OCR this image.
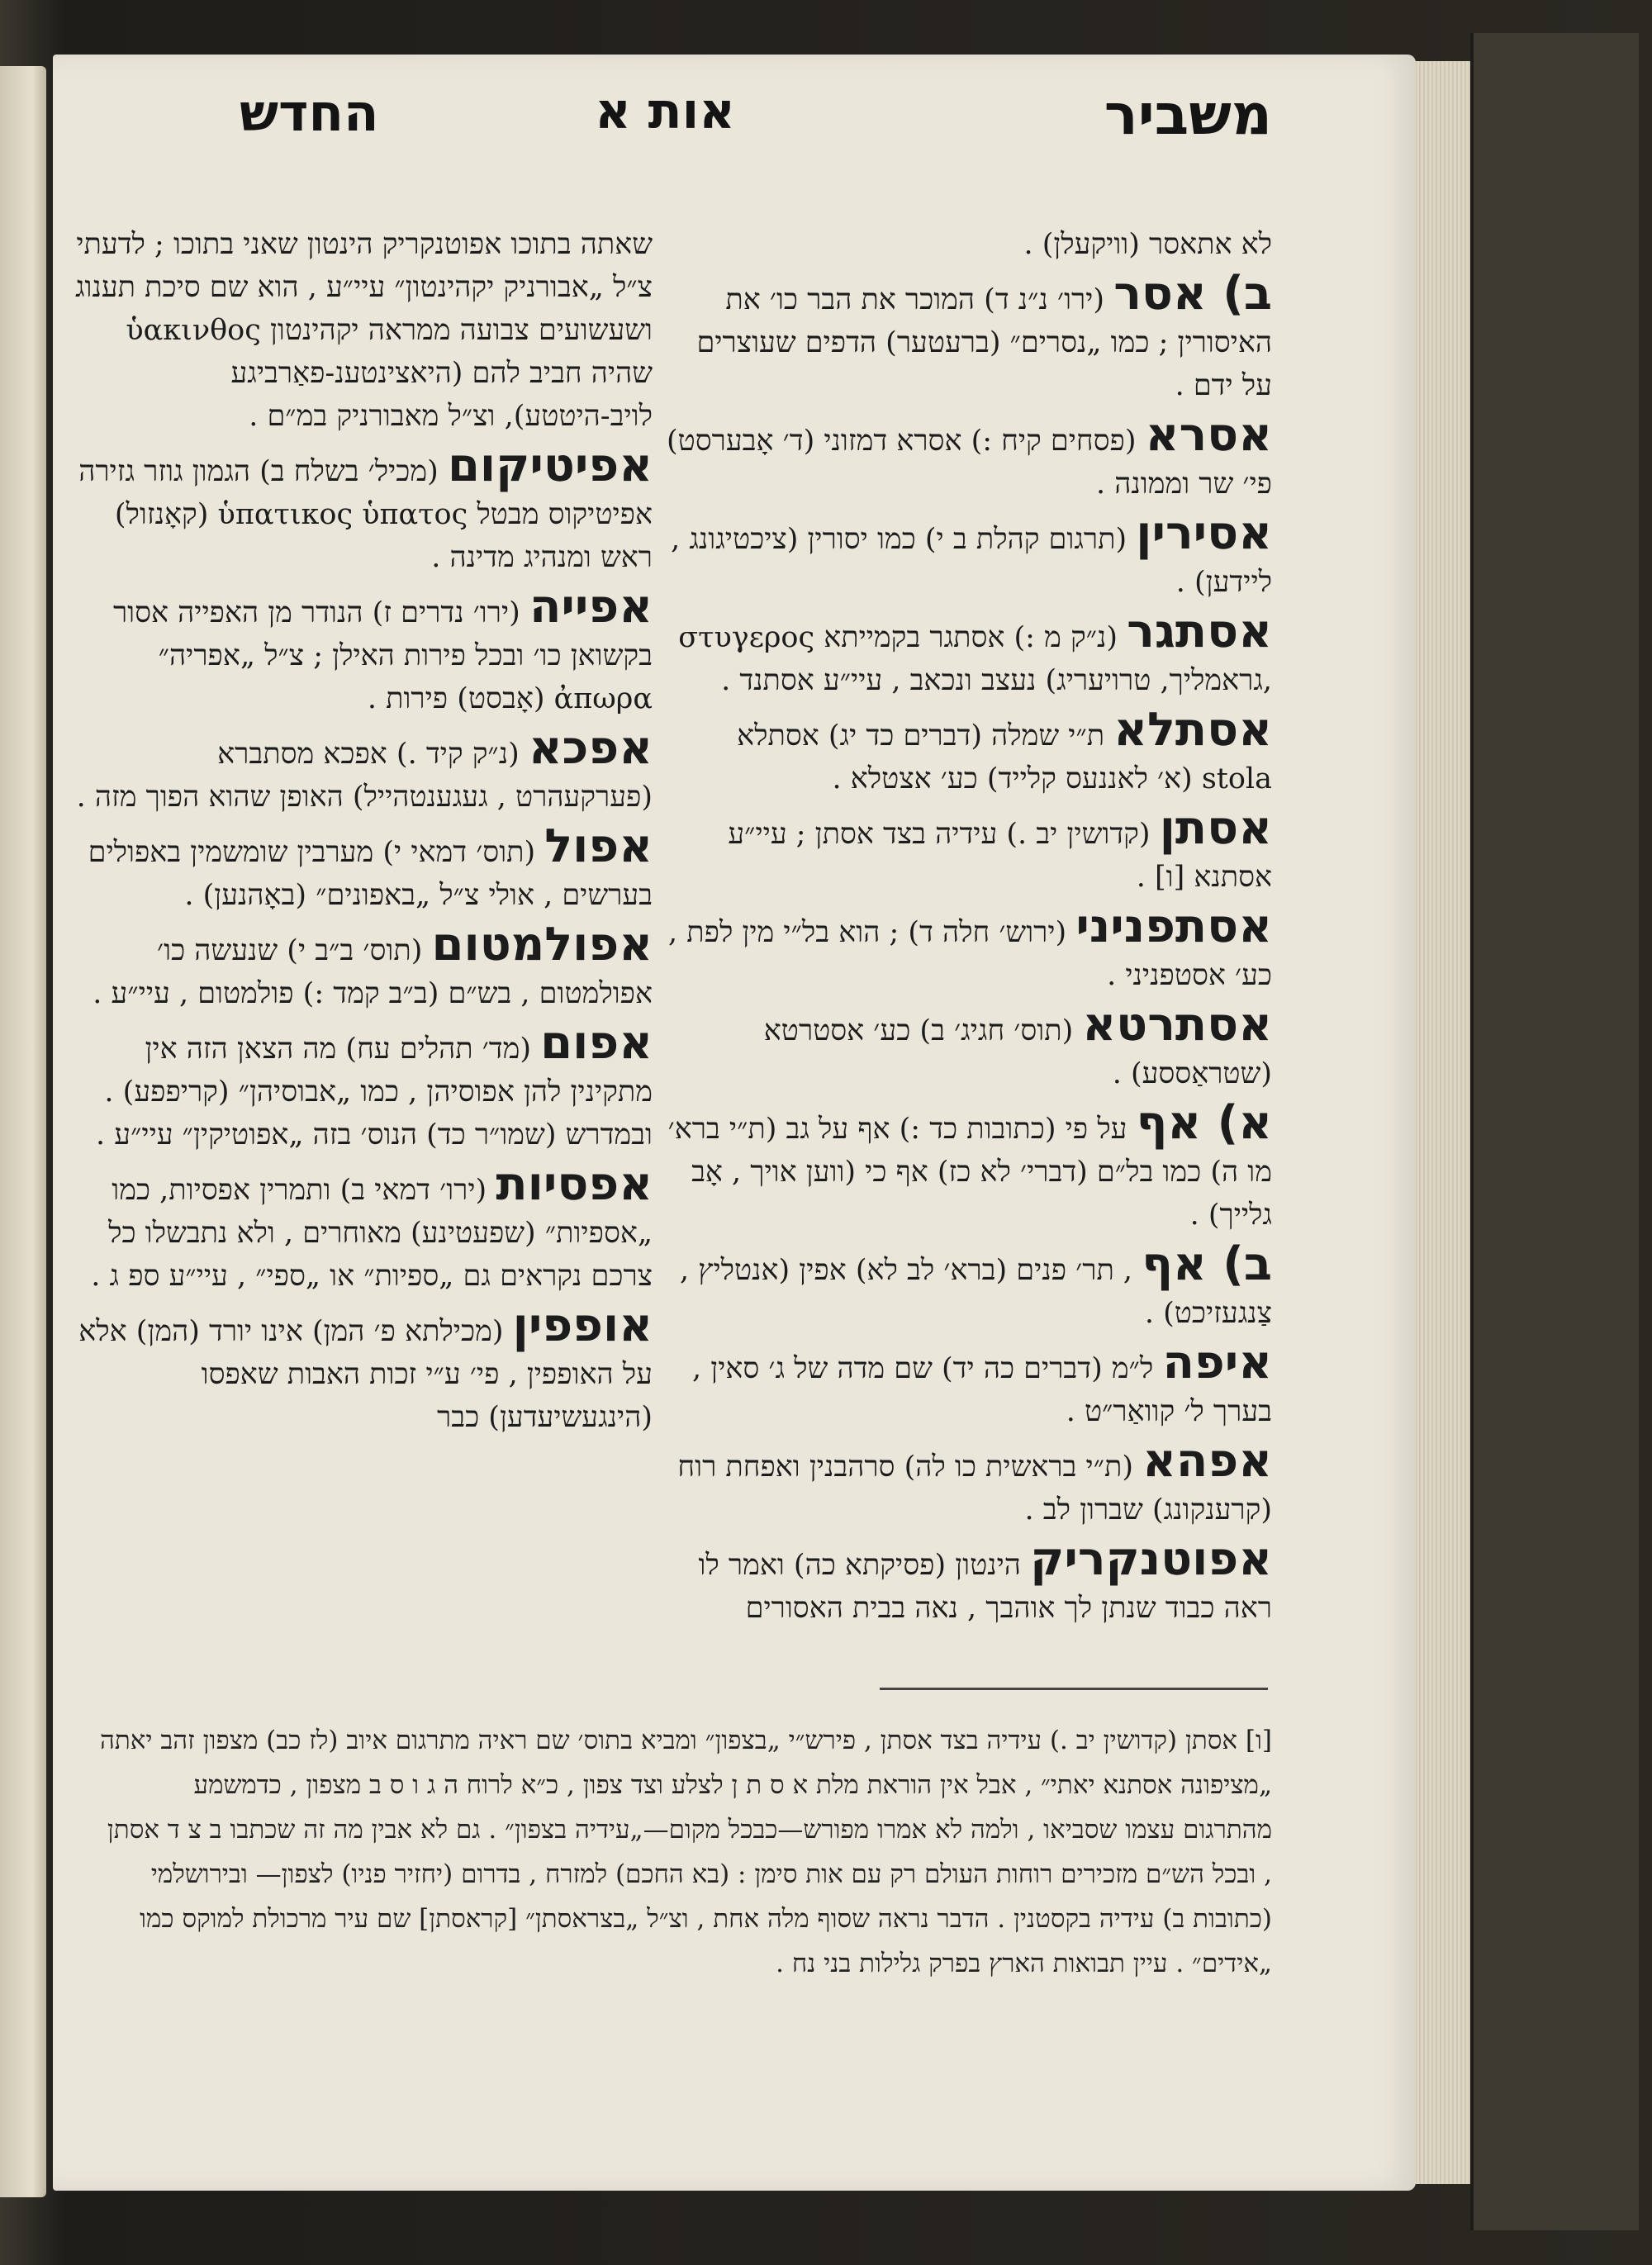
משביר
אות א
החדש
לא אתאסר (וויקעלן) .
ב) אסר (ירו׳ נ״נ ד) המוכר את הבר כו׳ את האיסורין ; כמו „נסרים״ (ברעטער) הדפים שעוצרים על ידם .
אסרא (פסחים קיח :) אסרא דמזוני (ד׳ אָבערסט) פי׳ שר וממונה .
אסירין (תרגום קהלת ב י) כמו יסורין (ציכטיגונג , ליידען) .
אסתגר (נ״ק מ :) אסתגר בקמייתא στυγερος ,גראמליך, טרויעריג) נעצב ונכאב , עיי״ע אסתנד .
אסתלא ת״י שמלה (דברים כד יג) אסתלא stola (א׳ לאננעס קלייד) כע׳ אצטלא .
אסתן (קדושין יב .) עידיה בצד אסתן ; עיי״ע אסתנא [ו] .
אסתפניני (ירוש׳ חלה ד) ; הוא בל״י מין לפת , כע׳ אסטפניני .
אסתרטא (תוס׳ חגיג׳ ב) כע׳ אסטרטא (שטראַססע) .
א) אף על פי (כתובות כד :) אף על גב (ת״י ברא׳ מו ה) כמו בל״ם (דברי׳ לא כז) אף כי (ווען אויך , אָב גלייך) .
ב) אף , תר׳ פנים (ברא׳ לב לא) אפין (אנטליץ , צַנגעזיכט) .
איפה ל״מ (דברים כה יד) שם מדה של ג׳ סאין , בערך ל׳ קוואַר״ט .
אפהא (ת״י בראשית כו לה) סרהבנין ואפחת רוח (קרענקונג) שברון לב .
אפוטנקריק הינטון (פסיקתא כה) ואמר לו ראה כבוד שנתן לך אוהבך , נאה בבית האסורים
שאתה בתוכו אפוטנקריק הינטון שאני בתוכו ; לדעתי צ״ל „אבורניק יקהינטון״ עיי״ע , הוא שם סיכת תענוג ושעשועים צבועה ממראה יקהינטון ὑακινθος שהיה חביב להם (היאצינטענ-פאַרביגע לויב-היטטע), וצ״ל מאבורניק במ״ם .
אפיטיקום (מכיל׳ בשלח ב) הגמון גוזר גזירה אפיטיקוס מבטל ὑπατικος ὑπατος (קאָנזול) ראש ומנהיג מדינה .
אפייה (ירו׳ נדרים ז) הנודר מן האפייה אסור בקשואן כו׳ ובכל פירות האילן ; צ״ל „אפריה״ ἀπωρα (אָבסט) פירות .
אפכא (נ״ק קיד .) אפכא מסתברא (פערקעהרט , געגענטהייל) האופן שהוא הפוך מזה .
אפול (תוס׳ דמאי י) מערבין שומשמין באפולים בערשים , אולי צ״ל „באפונים״ (באָהנען) .
אפולמטום (תוס׳ ב״ב י) שנעשה כו׳ אפולמטום , בש״ם (ב״ב קמד :) פולמטום , עיי״ע .
אפום (מד׳ תהלים עח) מה הצאן הזה אין מתקינין להן אפוסיהן , כמו „אבוסיהן״ (קריפפע) . ובמדרש (שמו״ר כד) הנוס׳ בזה „אפוטיקין״ עיי״ע .
אפסיות (ירו׳ דמאי ב) ותמרין אפסיות, כמו „אספיות״ (שפעטינע) מאוחרים , ולא נתבשלו כל צרכם נקראים גם „ספיות״ או „ספי״ , עיי״ע ספ ג .
אופפין (מכילתא פ׳ המן) אינו יורד (המן) אלא על האופפין , פי׳ ע״י זכות האבות שאפסו (הינגעשיעדען) כבר
[ו] אסתן (קדושין יב .) עידיה בצד אסתן , פירש״י „בצפון״ ומביא בתוס׳ שם ראיה מתרגום איוב (לז כב) מצפון זהב יאתה „מציפונה אסתנא יאתי״ , אבל אין הוראת מלת א ס ת ן לצלע וצד צפון , כ״א לרוח ה ג ו ס ב מצפון , כדמשמע מהתרגום עצמו שסביאו , ולמה לא אמרו מפורש—כבכל מקום—„עידיה בצפון״ . גם לא אבין מה זה שכתבו ב צ ד אסתן , ובכל הש״ם מזכירים רוחות העולם רק עם אות סימן : (בא החכם) למזרח , בדרום (יחזיר פניו) לצפון— ובירושלמי (כתובות ב) עידיה בקסטנין . הדבר נראה שסוף מלה אחת , וצ״ל „בצראסתן״ [קראסתן] שם עיר מרכולת למוקס כמו „אידים״ . עיין תבואות הארץ בפרק גלילות בני נח .
